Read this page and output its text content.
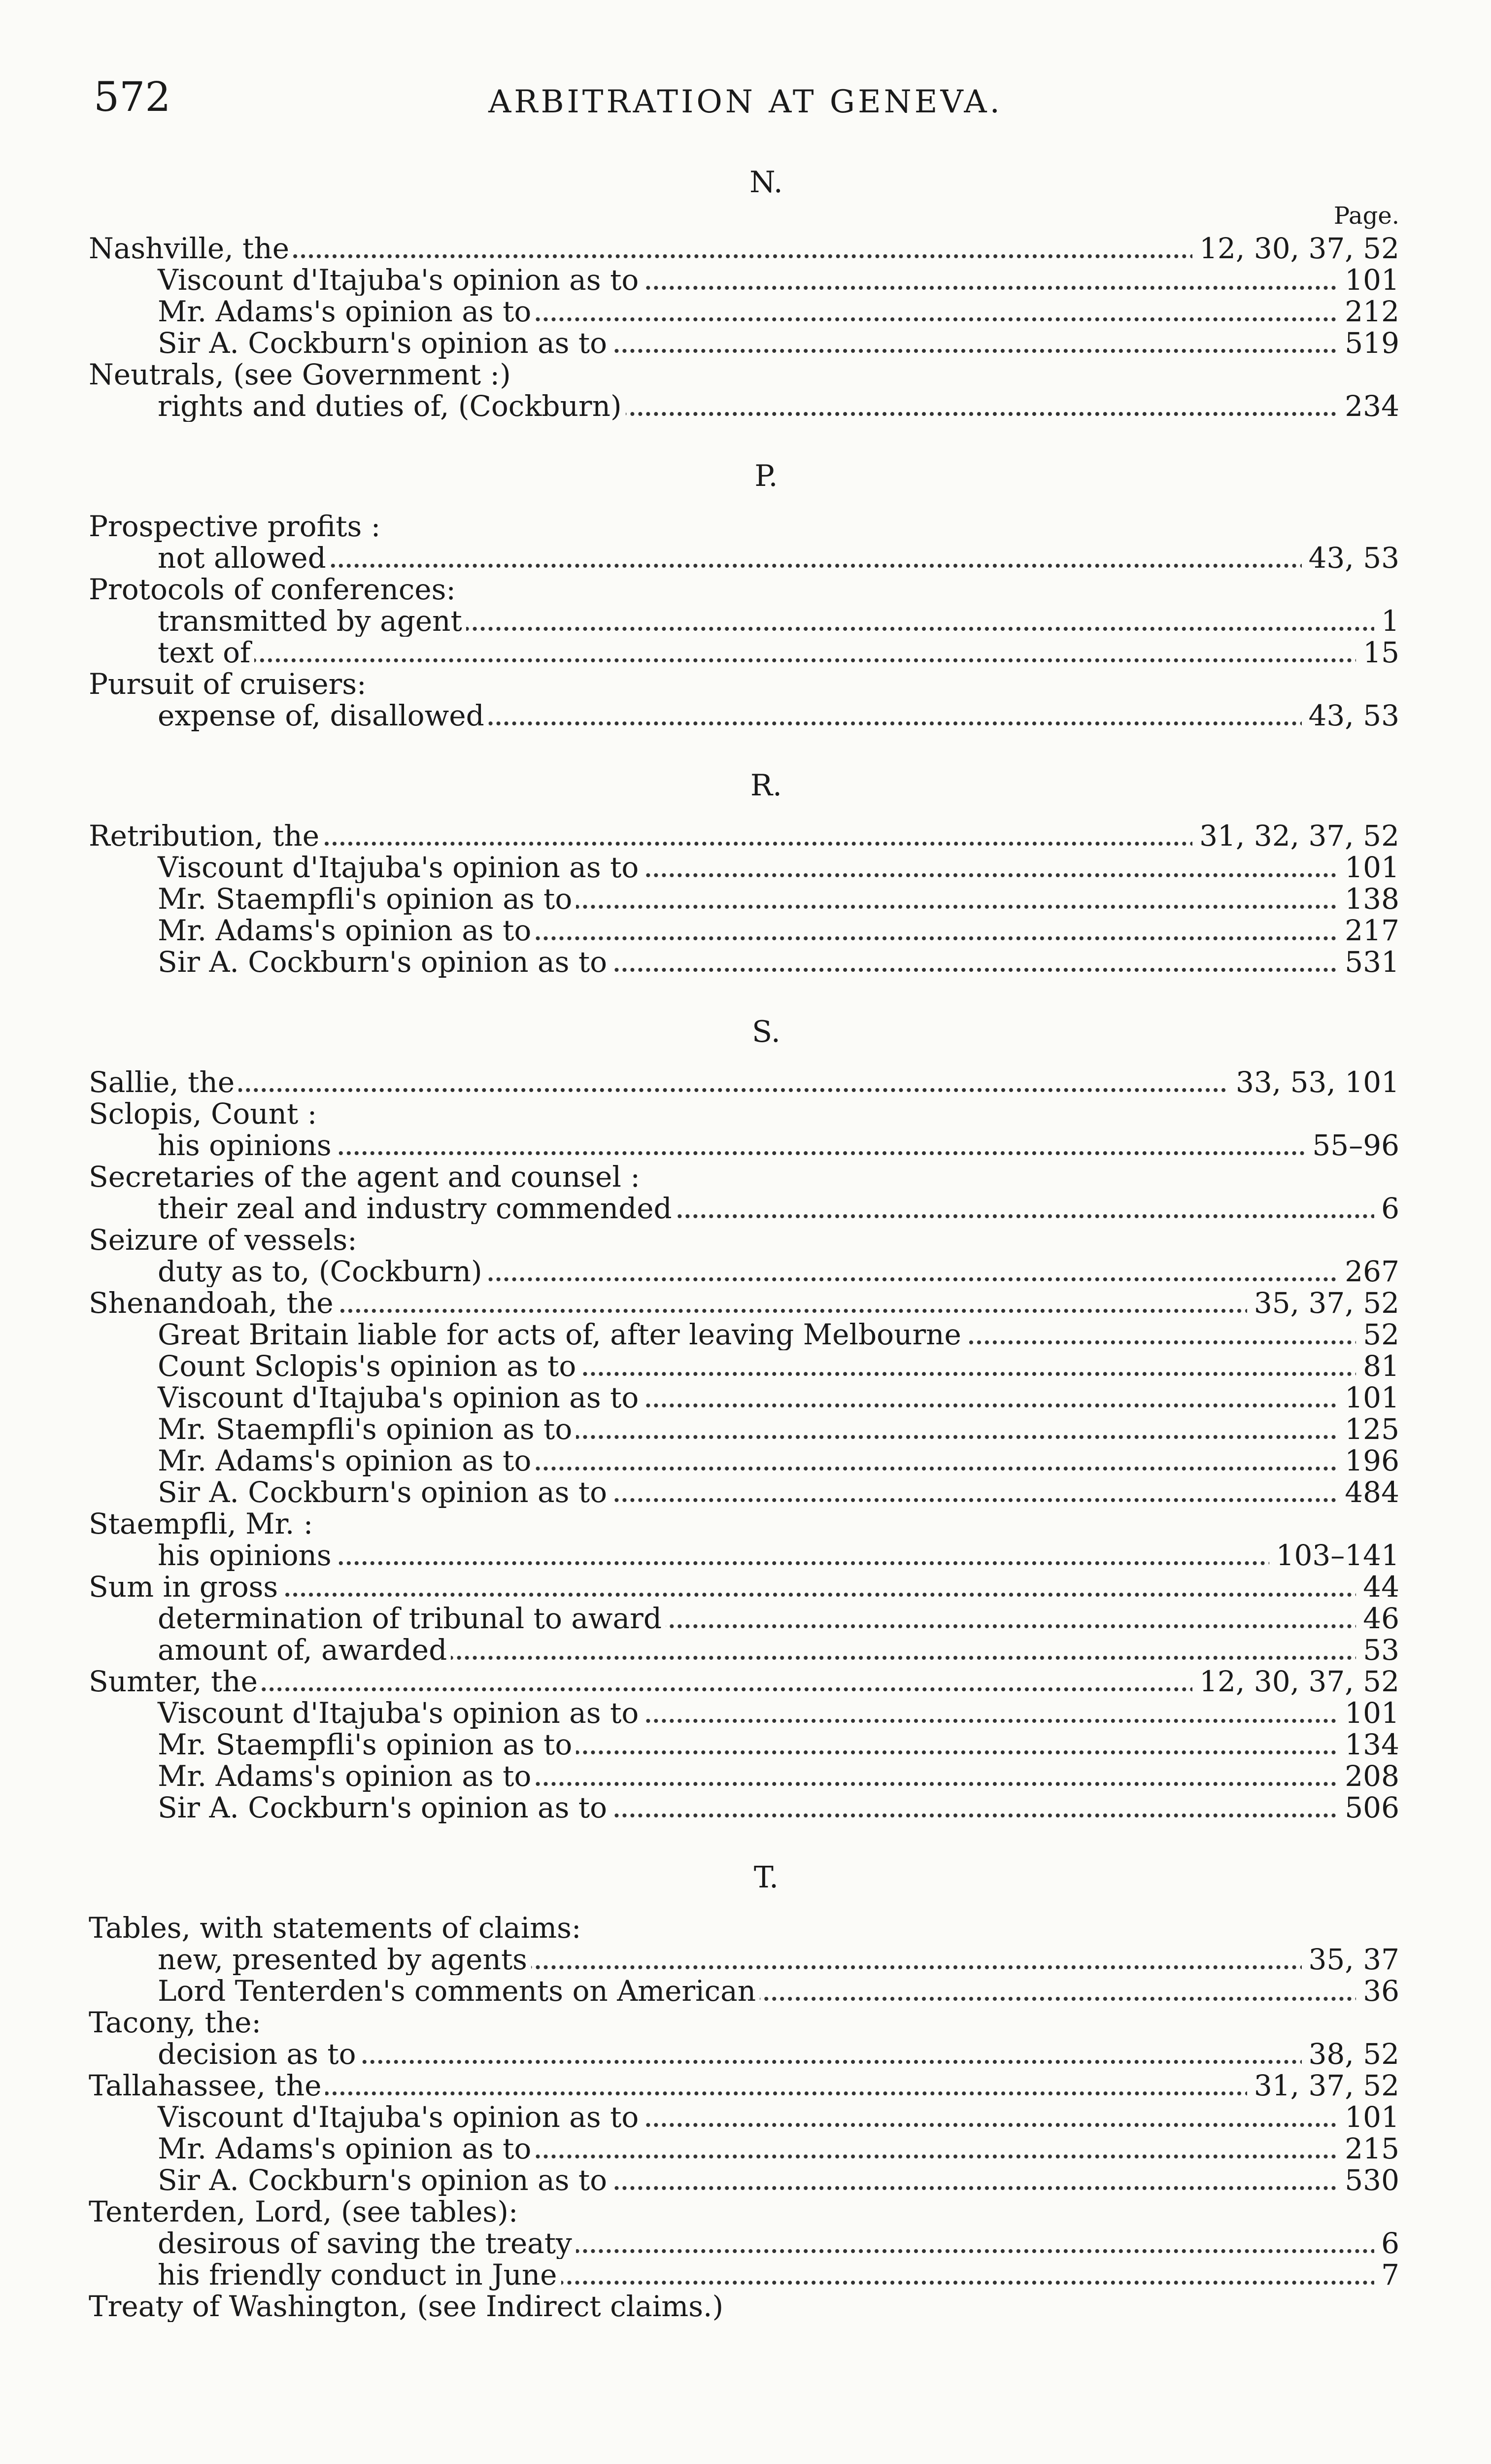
572	ARBITRATION AT GENEVA.
N.
Page.
Nashville, the	12, 30, 37, 52
Viscount d'Itajuba's opinion as to	101
Mr. Adams's opinion as to	212
Sir A. Cockburn's opinion as to	519
Neutrals, (see Government :)
rights and duties of, (Cockburn)	234
P.
Prospective profits :
not allowed	43, 53
Protocols of conferences:
transmitted by agent	1
text of	15
Pursuit of cruisers:
expense of, disallowed	43, 53
R.
Retribution, the	31, 32, 37, 52
Viscount d'Itajuba's opinion as to	101
Mr. Staempfli's opinion as to	138
Mr. Adams's opinion as to	217
Sir A. Cockburn's opinion as to	531
S.
Sallie, the	33, 53, 101
Sclopis, Count :
his opinions	55–96
Secretaries of the agent and counsel :
their zeal and industry commended	6
Seizure of vessels:
duty as to, (Cockburn)	267
Shenandoah, the	35, 37, 52
Great Britain liable for acts of, after leaving Melbourne	52
Count Sclopis's opinion as to	81
Viscount d'Itajuba's opinion as to	101
Mr. Staempfli's opinion as to	125
Mr. Adams's opinion as to	196
Sir A. Cockburn's opinion as to	484
Staempfli, Mr. :
his opinions	103–141
Sum in gross	44
determination of tribunal to award	46
amount of, awarded	53
Sumter, the	12, 30, 37, 52
Viscount d'Itajuba's opinion as to	101
Mr. Staempfli's opinion as to	134
Mr. Adams's opinion as to	208
Sir A. Cockburn's opinion as to	506
T.
Tables, with statements of claims:
new, presented by agents	35, 37
Lord Tenterden's comments on American	36
Tacony, the:
decision as to	38, 52
Tallahassee, the	31, 37, 52
Viscount d'Itajuba's opinion as to	101
Mr. Adams's opinion as to	215
Sir A. Cockburn's opinion as to	530
Tenterden, Lord, (see tables):
desirous of saving the treaty	6
his friendly conduct in June	7
Treaty of Washington, (see Indirect claims.)
